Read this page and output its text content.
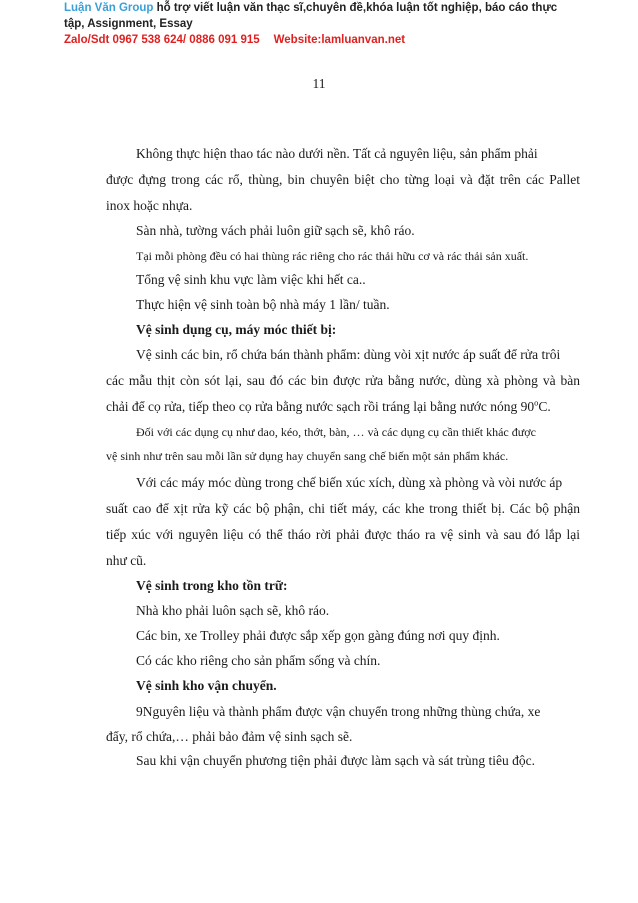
Luận Văn Group hỗ trợ viết luận văn thạc sĩ,chuyên đề,khóa luận tốt nghiệp, báo cáo thực
tập, Assignment, Essay
Zalo/Sdt 0967 538 624/ 0886 091 915 Website:lamluanvan.net
11
Không thực hiện thao tác nào dưới nền. Tất cả nguyên liệu, sản phẩm phải
được đựng trong các rổ, thùng, bin chuyên biệt cho từng loại và đặt trên các Pallet
inox hoặc nhựa.
Sàn nhà, tường vách phải luôn giữ sạch sẽ, khô ráo.
Tại mỗi phòng đều có hai thùng rác riêng cho rác thải hữu cơ và rác thải sản xuất.
Tổng vệ sinh khu vực làm việc khi hết ca..
Thực hiện vệ sinh toàn bộ nhà máy 1 lần/ tuần.
Vệ sinh dụng cụ, máy móc thiết bị:
Vệ sinh các bin, rổ chứa bán thành phẩm: dùng vòi xịt nước áp suất để rửa trôi
các mẫu thịt còn sót lại, sau đó các bin được rửa bằng nước, dùng xà phòng và bàn
chải để cọ rửa, tiếp theo cọ rửa bằng nước sạch rồi tráng lại bằng nước nóng 90$^o$C.
Đối với các dụng cụ như dao, kéo, thớt, bàn, … và các dụng cụ cần thiết khác được
vệ sinh như trên sau mỗi lần sử dụng hay chuyển sang chế biến một sản phẩm khác.
Với các máy móc dùng trong chế biến xúc xích, dùng xà phòng và vòi nước áp
suất cao để xịt rửa kỹ các bộ phận, chi tiết máy, các khe trong thiết bị. Các bộ phận
tiếp xúc với nguyên liệu có thể tháo rời phải được tháo ra vệ sinh và sau đó lắp lại
như cũ.
Vệ sinh trong kho tồn trữ:
Nhà kho phải luôn sạch sẽ, khô ráo.
Các bin, xe Trolley phải được sắp xếp gọn gàng đúng nơi quy định.
Có các kho riêng cho sản phẩm sống và chín.
Vệ sinh kho vận chuyển.
9Nguyên liệu và thành phẩm được vận chuyển trong những thùng chứa, xe
đẩy, rổ chứa,… phải bảo đảm vệ sinh sạch sẽ.
Sau khi vận chuyển phương tiện phải được làm sạch và sát trùng tiêu độc.
